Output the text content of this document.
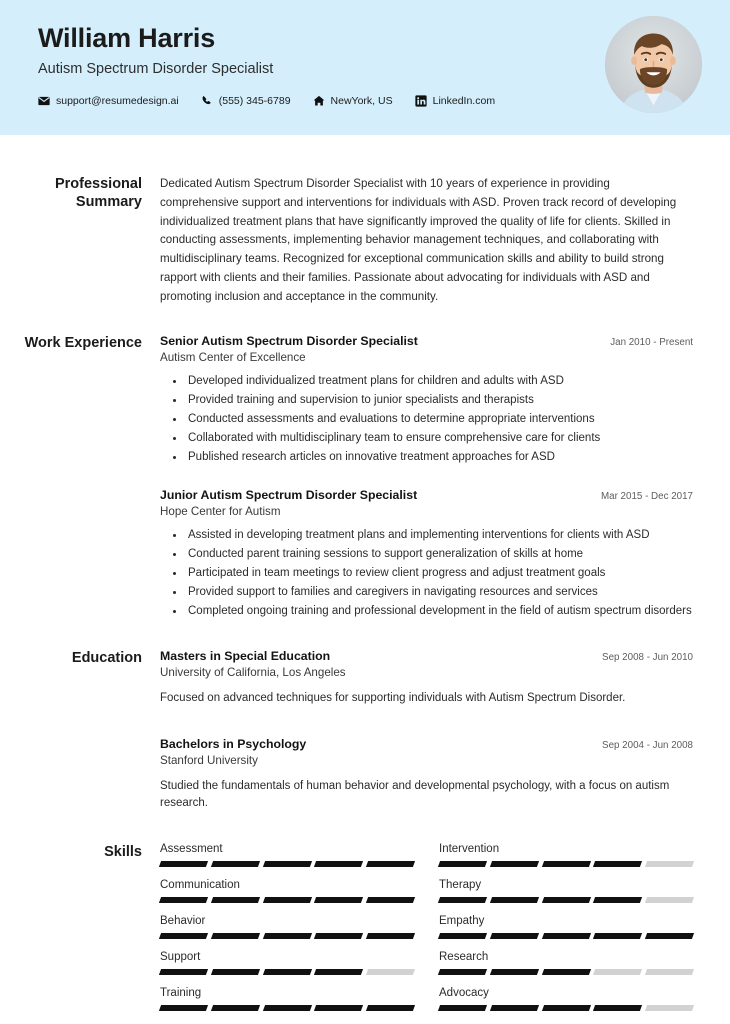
William Harris
Autism Spectrum Disorder Specialist
support@resumedesign.ai	(555) 345-6789	NewYork, US	LinkedIn.com
Professional Summary
Dedicated Autism Spectrum Disorder Specialist with 10 years of experience in providing comprehensive support and interventions for individuals with ASD. Proven track record of developing individualized treatment plans that have significantly improved the quality of life for clients. Skilled in conducting assessments, implementing behavior management techniques, and collaborating with multidisciplinary teams. Recognized for exceptional communication skills and ability to build strong rapport with clients and their families. Passionate about advocating for individuals with ASD and promoting inclusion and acceptance in the community.
Work Experience	Senior Autism Spectrum Disorder Specialist	Jan 2010 - Present
Autism Center of Excellence
• Developed individualized treatment plans for children and adults with ASD
• Provided training and supervision to junior specialists and therapists
• Conducted assessments and evaluations to determine appropriate interventions
• Collaborated with multidisciplinary team to ensure comprehensive care for clients
• Published research articles on innovative treatment approaches for ASD
Junior Autism Spectrum Disorder Specialist	Mar 2015 - Dec 2017
Hope Center for Autism
• Assisted in developing treatment plans and implementing interventions for clients with ASD
• Conducted parent training sessions to support generalization of skills at home
• Participated in team meetings to review client progress and adjust treatment goals
• Provided support to families and caregivers in navigating resources and services
• Completed ongoing training and professional development in the field of autism spectrum disorders
Education	Masters in Special Education	Sep 2008 - Jun 2010
University of California, Los Angeles
Focused on advanced techniques for supporting individuals with Autism Spectrum Disorder.
Bachelors in Psychology	Sep 2004 - Jun 2008
Stanford University
Studied the fundamentals of human behavior and developmental psychology, with a focus on autism research.
Skills	Assessment	Intervention
Communication	Therapy
Behavior	Empathy
Support	Research
Training	Advocacy
